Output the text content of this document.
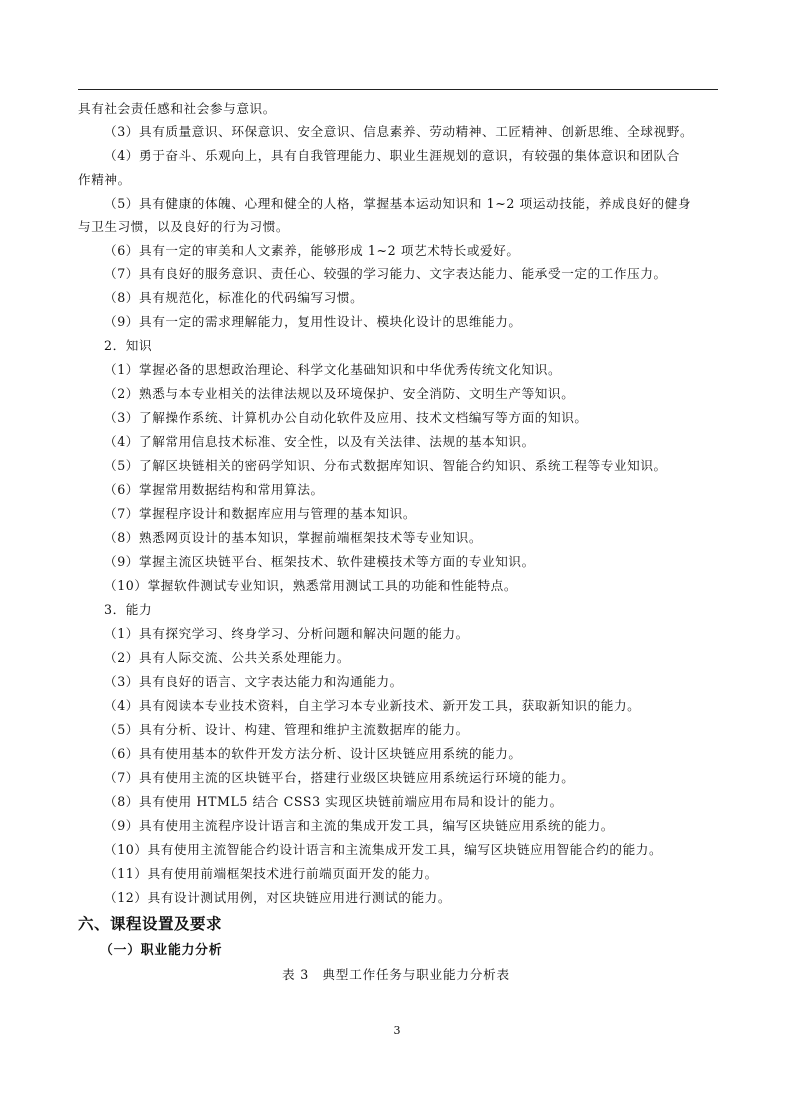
具有社会责任感和社会参与意识。
（3）具有质量意识、环保意识、安全意识、信息素养、劳动精神、工匠精神、创新思维、全球视野。
（4）勇于奋斗、乐观向上，具有自我管理能力、职业生涯规划的意识，有较强的集体意识和团队合
作精神。
（5）具有健康的体魄、心理和健全的人格，掌握基本运动知识和 1~2 项运动技能，养成良好的健身
与卫生习惯，以及良好的行为习惯。
（6）具有一定的审美和人文素养，能够形成 1~2 项艺术特长或爱好。
（7）具有良好的服务意识、责任心、较强的学习能力、文字表达能力、能承受一定的工作压力。
（8）具有规范化，标准化的代码编写习惯。
（9）具有一定的需求理解能力，复用性设计、模块化设计的思维能力。
2．知识
（1）掌握必备的思想政治理论、科学文化基础知识和中华优秀传统文化知识。
（2）熟悉与本专业相关的法律法规以及环境保护、安全消防、文明生产等知识。
（3）了解操作系统、计算机办公自动化软件及应用、技术文档编写等方面的知识。
（4）了解常用信息技术标准、安全性，以及有关法律、法规的基本知识。
（5）了解区块链相关的密码学知识、分布式数据库知识、智能合约知识、系统工程等专业知识。
（6）掌握常用数据结构和常用算法。
（7）掌握程序设计和数据库应用与管理的基本知识。
（8）熟悉网页设计的基本知识，掌握前端框架技术等专业知识。
（9）掌握主流区块链平台、框架技术、软件建模技术等方面的专业知识。
（10）掌握软件测试专业知识，熟悉常用测试工具的功能和性能特点。
3．能力
（1）具有探究学习、终身学习、分析问题和解决问题的能力。
（2）具有人际交流、公共关系处理能力。
（3）具有良好的语言、文字表达能力和沟通能力。
（4）具有阅读本专业技术资料，自主学习本专业新技术、新开发工具，获取新知识的能力。
（5）具有分析、设计、构建、管理和维护主流数据库的能力。
（6）具有使用基本的软件开发方法分析、设计区块链应用系统的能力。
（7）具有使用主流的区块链平台，搭建行业级区块链应用系统运行环境的能力。
（8）具有使用 HTML5 结合 CSS3 实现区块链前端应用布局和设计的能力。
（9）具有使用主流程序设计语言和主流的集成开发工具，编写区块链应用系统的能力。
（10）具有使用主流智能合约设计语言和主流集成开发工具，编写区块链应用智能合约的能力。
（11）具有使用前端框架技术进行前端页面开发的能力。
（12）具有设计测试用例，对区块链应用进行测试的能力。
六、课程设置及要求
（一）职业能力分析
表 3　典型工作任务与职业能力分析表
3
